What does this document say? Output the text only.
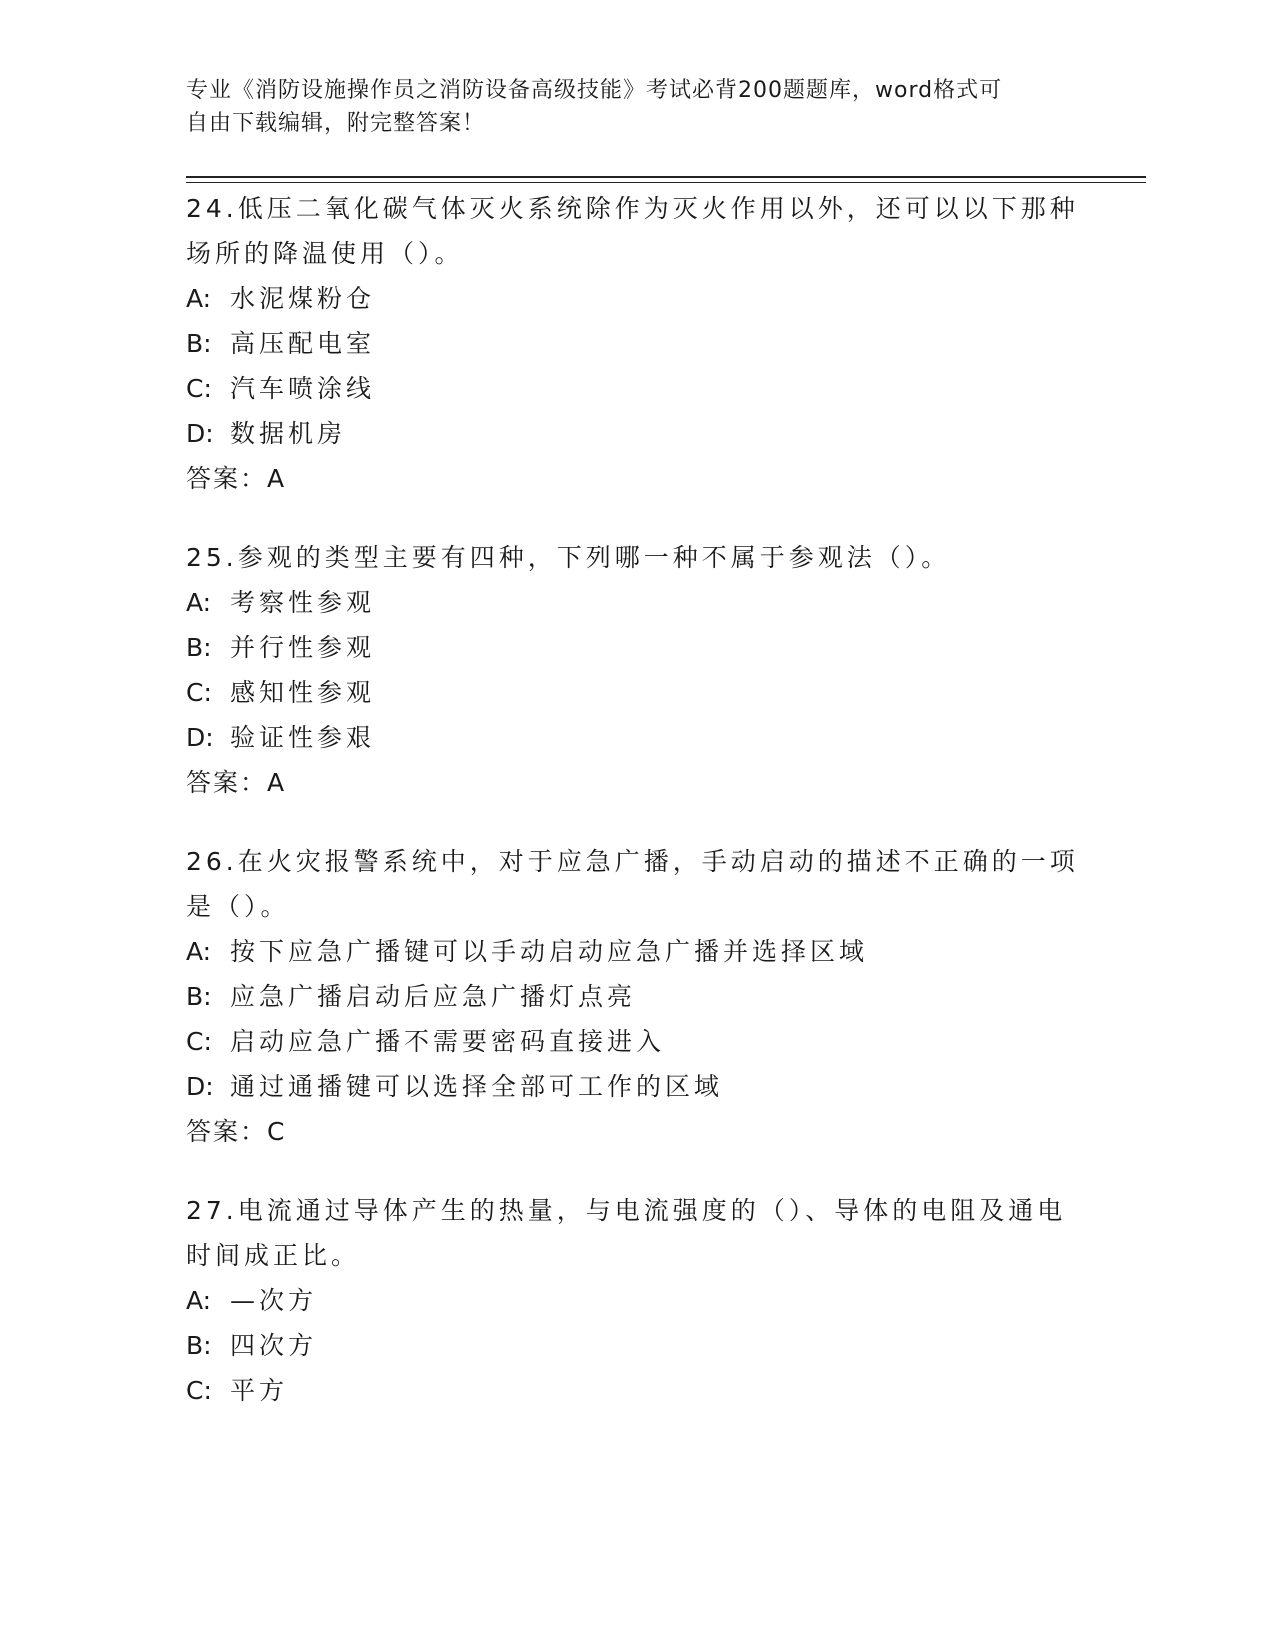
专业《消防设施操作员之消防设备高级技能》考试必背200题题库，word格式可
自由下载编辑，附完整答案！

24.低压二氧化碳气体灭火系统除作为灭火作用以外，还可以以下那种

场所的降温使用（）。

A: 水泥煤粉仓

B: 高压配电室

C: 汽车喷涂线

D: 数据机房

答案：A

25.参观的类型主要有四种，下列哪一种不属于参观法（）。

A: 考察性参观

B: 并行性参观

C: 感知性参观

D: 验证性参艰

答案：A

26.在火灾报警系统中，对于应急广播，手动启动的描述不正确的一项

是（）。

A: 按下应急广播键可以手动启动应急广播并选择区域

B: 应急广播启动后应急广播灯点亮

C: 启动应急广播不需要密码直接进入

D: 通过通播键可以选择全部可工作的区域

答案：C

27.电流通过导体产生的热量，与电流强度的（）、导体的电阻及通电

时间成正比。

A: —次方

B: 四次方

C: 平方
